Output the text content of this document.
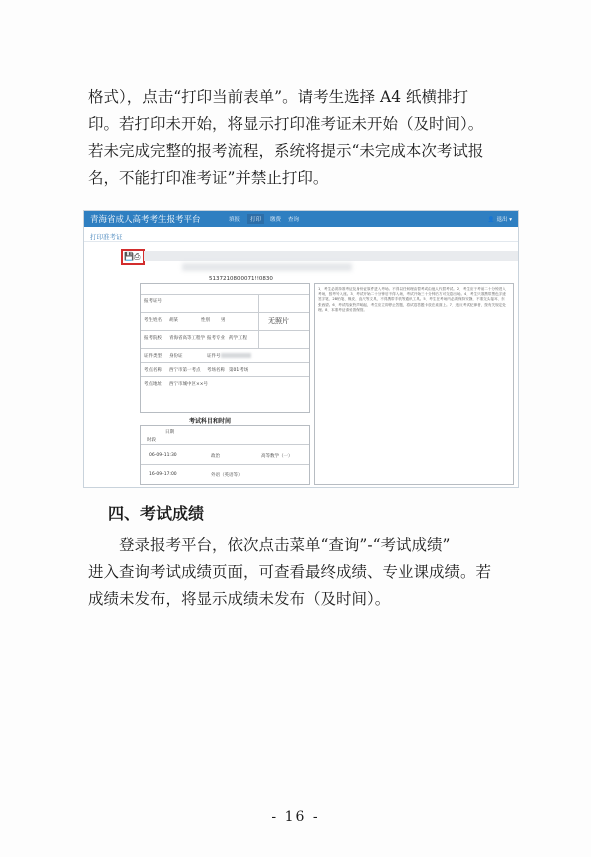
格式），点击“打印当前表单”。请考生选择 A4 纸横排打
印。若打印未开始，将显示打印准考证未开始（及时间）。
若未完成完整的报考流程，系统将提示“未完成本次考试报
名，不能打印准考证”并禁止打印。

青海省成人高考考生报考平台	填报	打印	缴费 查询	👤 退出 ▾
打印准考证
💾 ⎙
5137210800071!!0830
报考证号
考生姓名 胡某	性别 男
报考院校 青海省高等工程学 报考专业 药学工程
证件类型 身份证	证件号
考点名称 西宁市第一考点 考场名称 第01考场
考点地址 西宁市城中区××号
无照片
考试科目和时间
日期
时段
06-09-11:30	政治	高等数学（一）
16-09-17:00	外语（英语等）
1．考生必须持准考证及身份证原件进入考场。不得以任何理由替考或由他人代替考试。2．考生应于考前二十分钟进入考场，按考号入座。3．考试开始二十分钟后不得入场，考试开始三十分钟后方可交卷出场。4．考生只准携带黑色字迹签字笔、2B铅笔、橡皮、直尺等文具，不得携带手机等通讯工具。5．考生在考场内必须保持安静，不准交头接耳、东张西望。6．考试结束铃声响起，考生应立即停止答题，将试卷答题卡放在桌面上。7．违反考试纪律者，按有关规定处理。8．本准考证请妥善保管。
四、考试成绩

登录报考平台，依次点击菜单“查询”-“考试成绩”
进入查询考试成绩页面，可查看最终成绩、专业课成绩。若
成绩未发布，将显示成绩未发布（及时间）。

- 16 -
